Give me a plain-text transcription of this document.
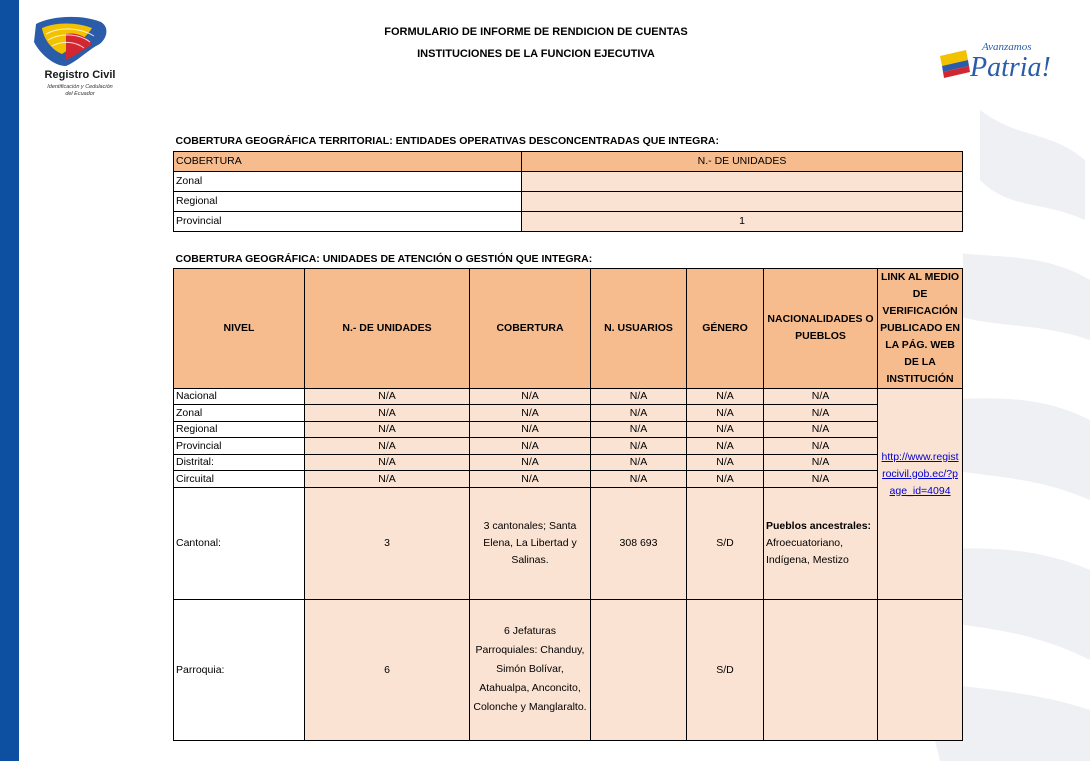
Registro Civil
Identificación y Cedulación
del Ecuador
Avanzamos
Patria!
FORMULARIO DE INFORME DE RENDICION DE CUENTAS
INSTITUCIONES DE LA FUNCION EJECUTIVA
COBERTURA GEOGRÁFICA TERRITORIAL: ENTIDADES OPERATIVAS DESCONCENTRADAS QUE INTEGRA:	
COBERTURA	N.- DE UNIDADES
Zonal	
Regional	
Provincial	1
COBERTURA GEOGRÁFICA: UNIDADES DE ATENCIÓN O GESTIÓN QUE INTEGRA:						
NIVEL	N.- DE UNIDADES	COBERTURA	N. USUARIOS	GÉNERO	NACIONALIDADES O PUEBLOS	LINK AL MEDIO DE VERIFICACIÓN PUBLICADO EN LA PÁG. WEB DE LA INSTITUCIÓN
Nacional	N/A	N/A	N/A	N/A	N/A	http://www.registrocivil.gob.ec/?page_id=4094
Zonal	N/A	N/A	N/A	N/A	N/A	
Regional	N/A	N/A	N/A	N/A	N/A	
Provincial	N/A	N/A	N/A	N/A	N/A	
Distrital:	N/A	N/A	N/A	N/A	N/A	
Circuital	N/A	N/A	N/A	N/A	N/A	
Cantonal:	3	3 cantonales; Santa Elena, La Libertad y Salinas.	308 693	S/D	Pueblos ancestrales:
Afroecuatoriano, Indígena, Mestizo	
Parroquia:	6	6 Jefaturas Parroquiales: Chanduy, Simón Bolívar, Atahualpa, Anconcito, Colonche y Manglaralto.		S/D		
